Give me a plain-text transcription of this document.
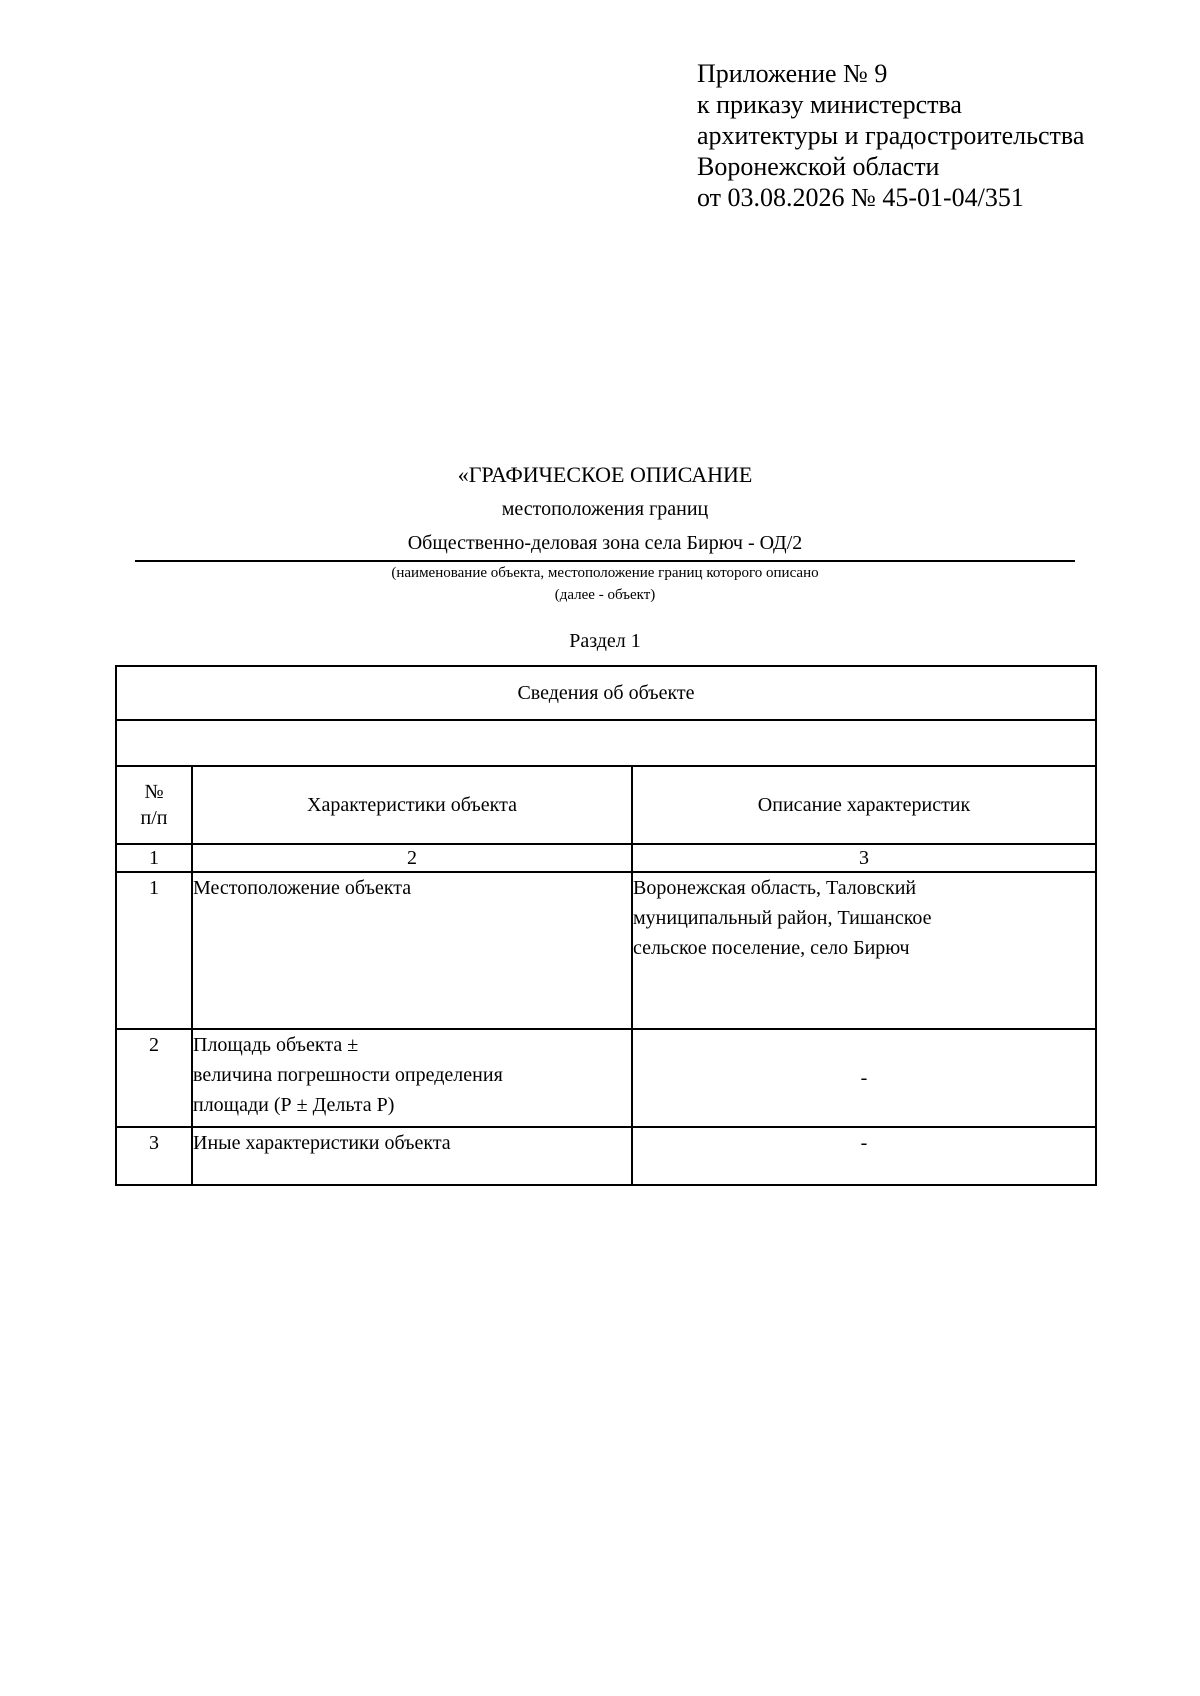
Приложение № 9
к приказу министерства
архитектуры и градостроительства
Воронежской области
от 03.08.2026 № 45-01-04/351
«ГРАФИЧЕСКОЕ ОПИСАНИЕ
местоположения границ
Общественно-деловая зона села Бирюч - ОД/2
(наименование объекта, местоположение границ которого описано
(далее - объект)
Раздел 1
Сведения об объекте		

№
п/п	Характеристики объекта	Описание характеристик
1	2	3
1	Местоположение объекта	Воронежская область, Таловский
муниципальный район, Тишанское
сельское поселение, село Бирюч
2	Площадь объекта ±
величина погрешности определения
площади (Р ± Дельта Р)	-
3	Иные характеристики объекта	-
